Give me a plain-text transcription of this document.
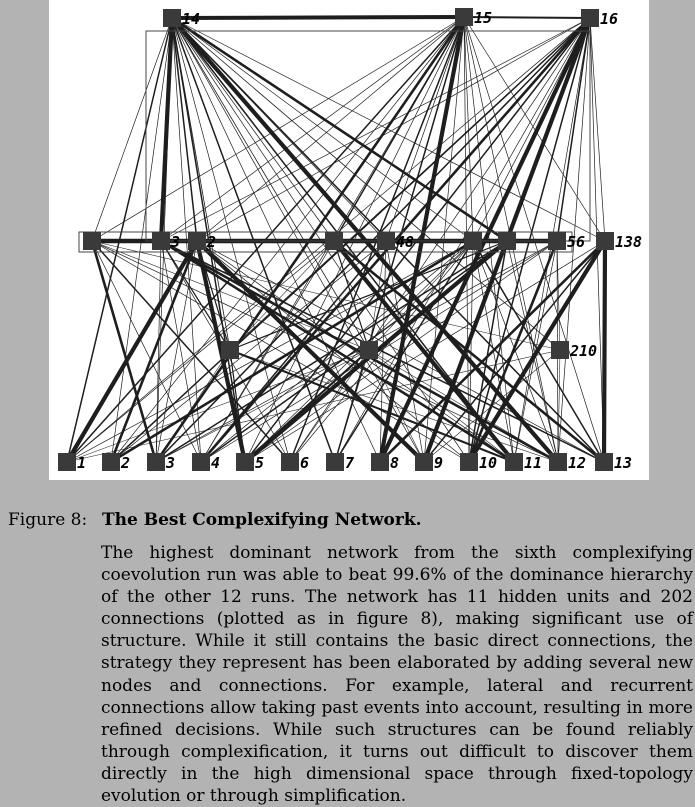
14	15	16
3 2	48	56 138
210
1 2 3 4 5 6 7 8 9 10 11 12 13
Figure 8: The Best Complexifying Network.

The highest dominant network from the sixth complexifying coevolution run was able to beat 99.6% of the dominance hierarchy of the other 12 runs. The network has 11 hidden units and 202 connections (plotted as in figure 8), making significant use of structure. While it still contains the basic direct connections, the strategy they represent has been elaborated by adding several new nodes and connections. For example, lateral and recurrent connections allow taking past events into account, resulting in more refined decisions. While such structures can be found reliably through complexification, it turns out difficult to discover them directly in the high dimensional space through fixed-topology evolution or through simplification.
